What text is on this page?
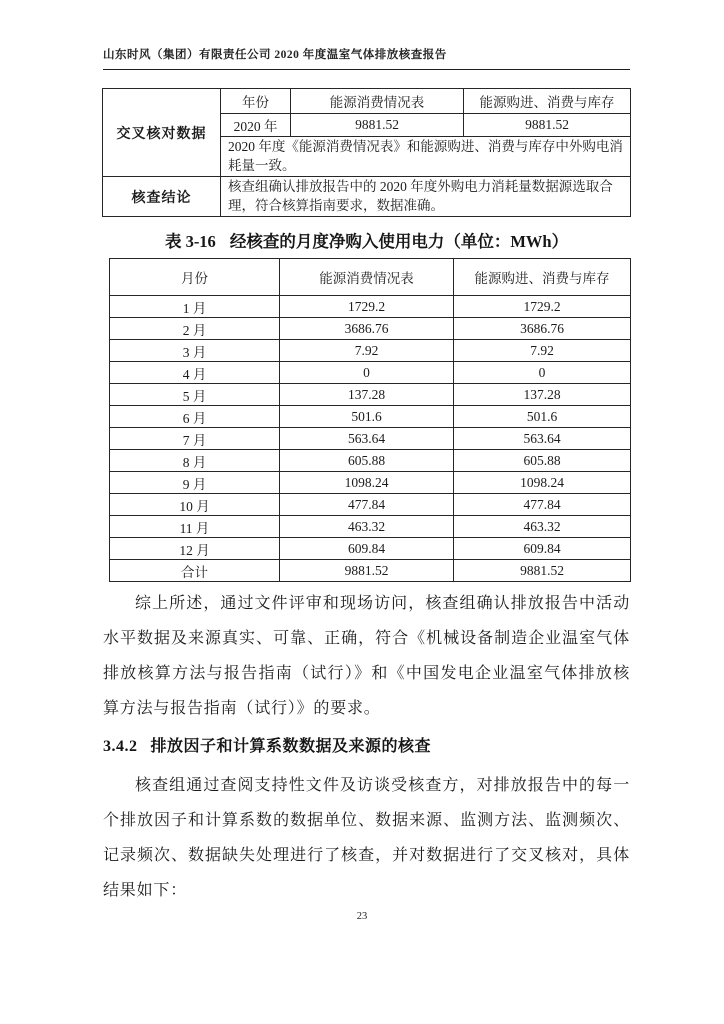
山东时风（集团）有限责任公司 2020 年度温室气体排放核查报告
交叉核对数据	年份	能源消费情况表	能源购进、消费与库存
	2020 年	9881.52	9881.52
	2020 年度《能源消费情况表》和能源购进、消费与库存中外购电消耗量一致。		
核查结论	核查组确认排放报告中的 2020 年度外购电力消耗量数据源选取合理，符合核算指南要求，数据准确。		
表 3-16 经核查的月度净购入使用电力（单位：MWh）
月份	能源消费情况表	能源购进、消费与库存
1 月	1729.2	1729.2
2 月	3686.76	3686.76
3 月	7.92	7.92
4 月	0	0
5 月	137.28	137.28
6 月	501.6	501.6
7 月	563.64	563.64
8 月	605.88	605.88
9 月	1098.24	1098.24
10 月	477.84	477.84
11 月	463.32	463.32
12 月	609.84	609.84
合计	9881.52	9881.52
综上所述，通过文件评审和现场访问，核查组确认排放报告中活动水平数据及来源真实、可靠、正确，符合《机械设备制造企业温室气体排放核算方法与报告指南（试行）》和《中国发电企业温室气体排放核算方法与报告指南（试行）》的要求。
3.4.2 排放因子和计算系数数据及来源的核查
核查组通过查阅支持性文件及访谈受核查方，对排放报告中的每一个排放因子和计算系数的数据单位、数据来源、监测方法、监测频次、记录频次、数据缺失处理进行了核查，并对数据进行了交叉核对，具体结果如下：
23
